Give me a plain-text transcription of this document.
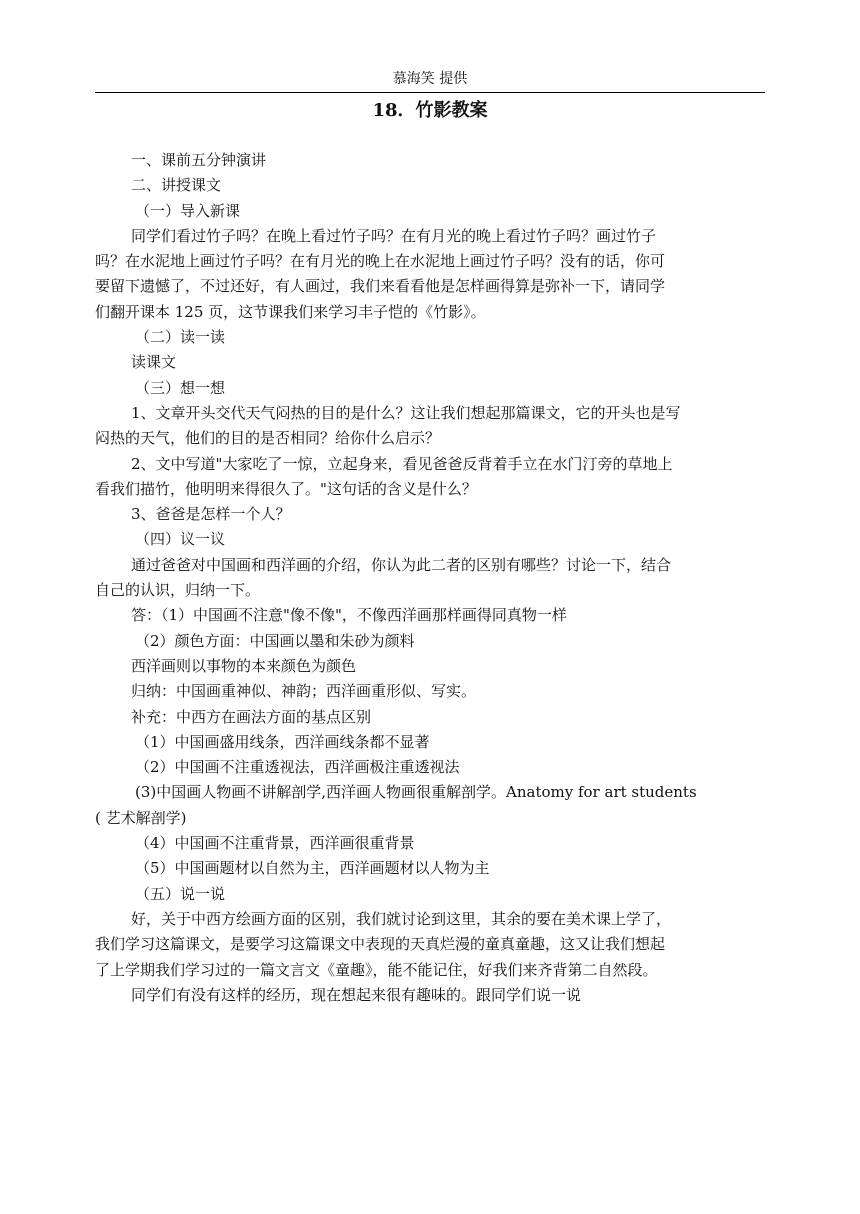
慕海笑 提供
18．竹影教案

一、课前五分钟演讲

二、讲授课文

（一）导入新课

同学们看过竹子吗？在晚上看过竹子吗？在有月光的晚上看过竹子吗？画过竹子

吗？在水泥地上画过竹子吗？在有月光的晚上在水泥地上画过竹子吗？没有的话，你可

要留下遗憾了，不过还好，有人画过，我们来看看他是怎样画得算是弥补一下，请同学

们翻开课本 125 页，这节课我们来学习丰子恺的《竹影》。

（二）读一读

读课文

（三）想一想

1、文章开头交代天气闷热的目的是什么？这让我们想起那篇课文，它的开头也是写

闷热的天气，他们的目的是否相同？给你什么启示？

2、文中写道"大家吃了一惊，立起身来，看见爸爸反背着手立在水门汀旁的草地上

看我们描竹，他明明来得很久了。"这句话的含义是什么？

3、爸爸是怎样一个人？

（四）议一议

通过爸爸对中国画和西洋画的介绍，你认为此二者的区别有哪些？讨论一下，结合

自己的认识，归纳一下。

答：（1）中国画不注意"像不像"，不像西洋画那样画得同真物一样

（2）颜色方面：中国画以墨和朱砂为颜料

西洋画则以事物的本来颜色为颜色

归纳：中国画重神似、神韵；西洋画重形似、写实。

补充：中西方在画法方面的基点区别

（1）中国画盛用线条，西洋画线条都不显著

（2）中国画不注重透视法，西洋画极注重透视法

(3)中国画人物画不讲解剖学,西洋画人物画很重解剖学。Anatomy for art students

( 艺术解剖学)

（4）中国画不注重背景，西洋画很重背景

（5）中国画题材以自然为主，西洋画题材以人物为主

（五）说一说

好，关于中西方绘画方面的区别，我们就讨论到这里，其余的要在美术课上学了，

我们学习这篇课文，是要学习这篇课文中表现的天真烂漫的童真童趣，这又让我们想起

了上学期我们学习过的一篇文言文《童趣》，能不能记住，好我们来齐背第二自然段。

同学们有没有这样的经历，现在想起来很有趣味的。跟同学们说一说
